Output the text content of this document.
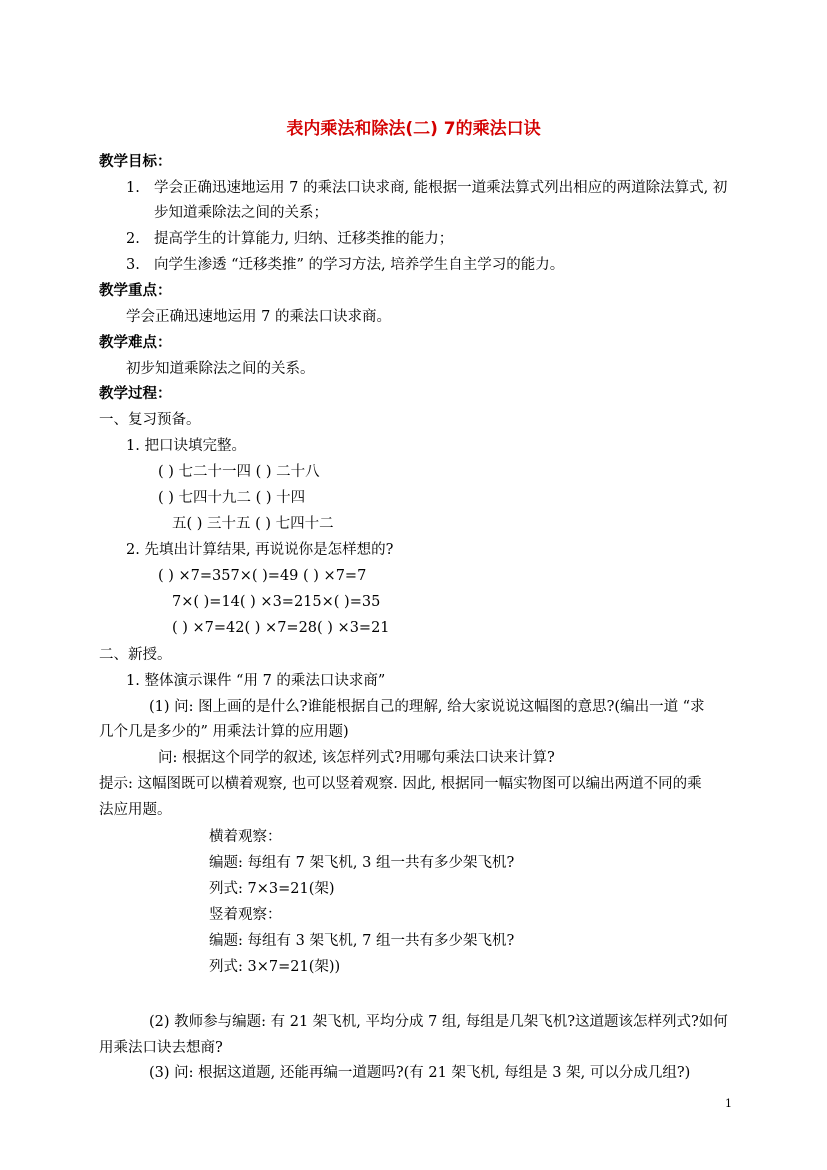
表内乘法和除法(二) 7的乘法口诀
教学目标：
1. 学会正确迅速地运用 7 的乘法口诀求商, 能根据一道乘法算式列出相应的两道除法算式, 初
步知道乘除法之间的关系；
2. 提高学生的计算能力, 归纳、迁移类推的能力；
3. 向学生渗透 “迁移类推” 的学习方法, 培养学生自主学习的能力。
教学重点：
学会正确迅速地运用 7 的乘法口诀求商。
教学难点：
初步知道乘除法之间的关系。
教学过程：
一、复习预备。
1. 把口诀填完整。
( ) 七二十一四 ( ) 二十八
( ) 七四十九二 ( ) 十四
五( ) 三十五 ( ) 七四十二
2. 先填出计算结果, 再说说你是怎样想的?
( ) ×7=357×( )=49 ( ) ×7=7
7×( )=14( ) ×3=215×( )=35
( ) ×7=42( ) ×7=28( ) ×3=21
二、新授。
1. 整体演示课件 “用 7 的乘法口诀求商”
(1) 问: 图上画的是什么?谁能根据自己的理解, 给大家说说这幅图的意思?(编出一道 “求
几个几是多少的” 用乘法计算的应用题)
问: 根据这个同学的叙述, 该怎样列式?用哪句乘法口诀来计算?
提示: 这幅图既可以横着观察, 也可以竖着观察. 因此, 根据同一幅实物图可以编出两道不同的乘
法应用题。
横着观察：
编题: 每组有 7 架飞机, 3 组一共有多少架飞机?
列式: 7×3=21(架)
竖着观察：
编题: 每组有 3 架飞机, 7 组一共有多少架飞机?
列式: 3×7=21(架))
(2) 教师参与编题: 有 21 架飞机, 平均分成 7 组, 每组是几架飞机?这道题该怎样列式?如何
用乘法口诀去想商?
(3) 问: 根据这道题, 还能再编一道题吗?(有 21 架飞机, 每组是 3 架, 可以分成几组?)
1
